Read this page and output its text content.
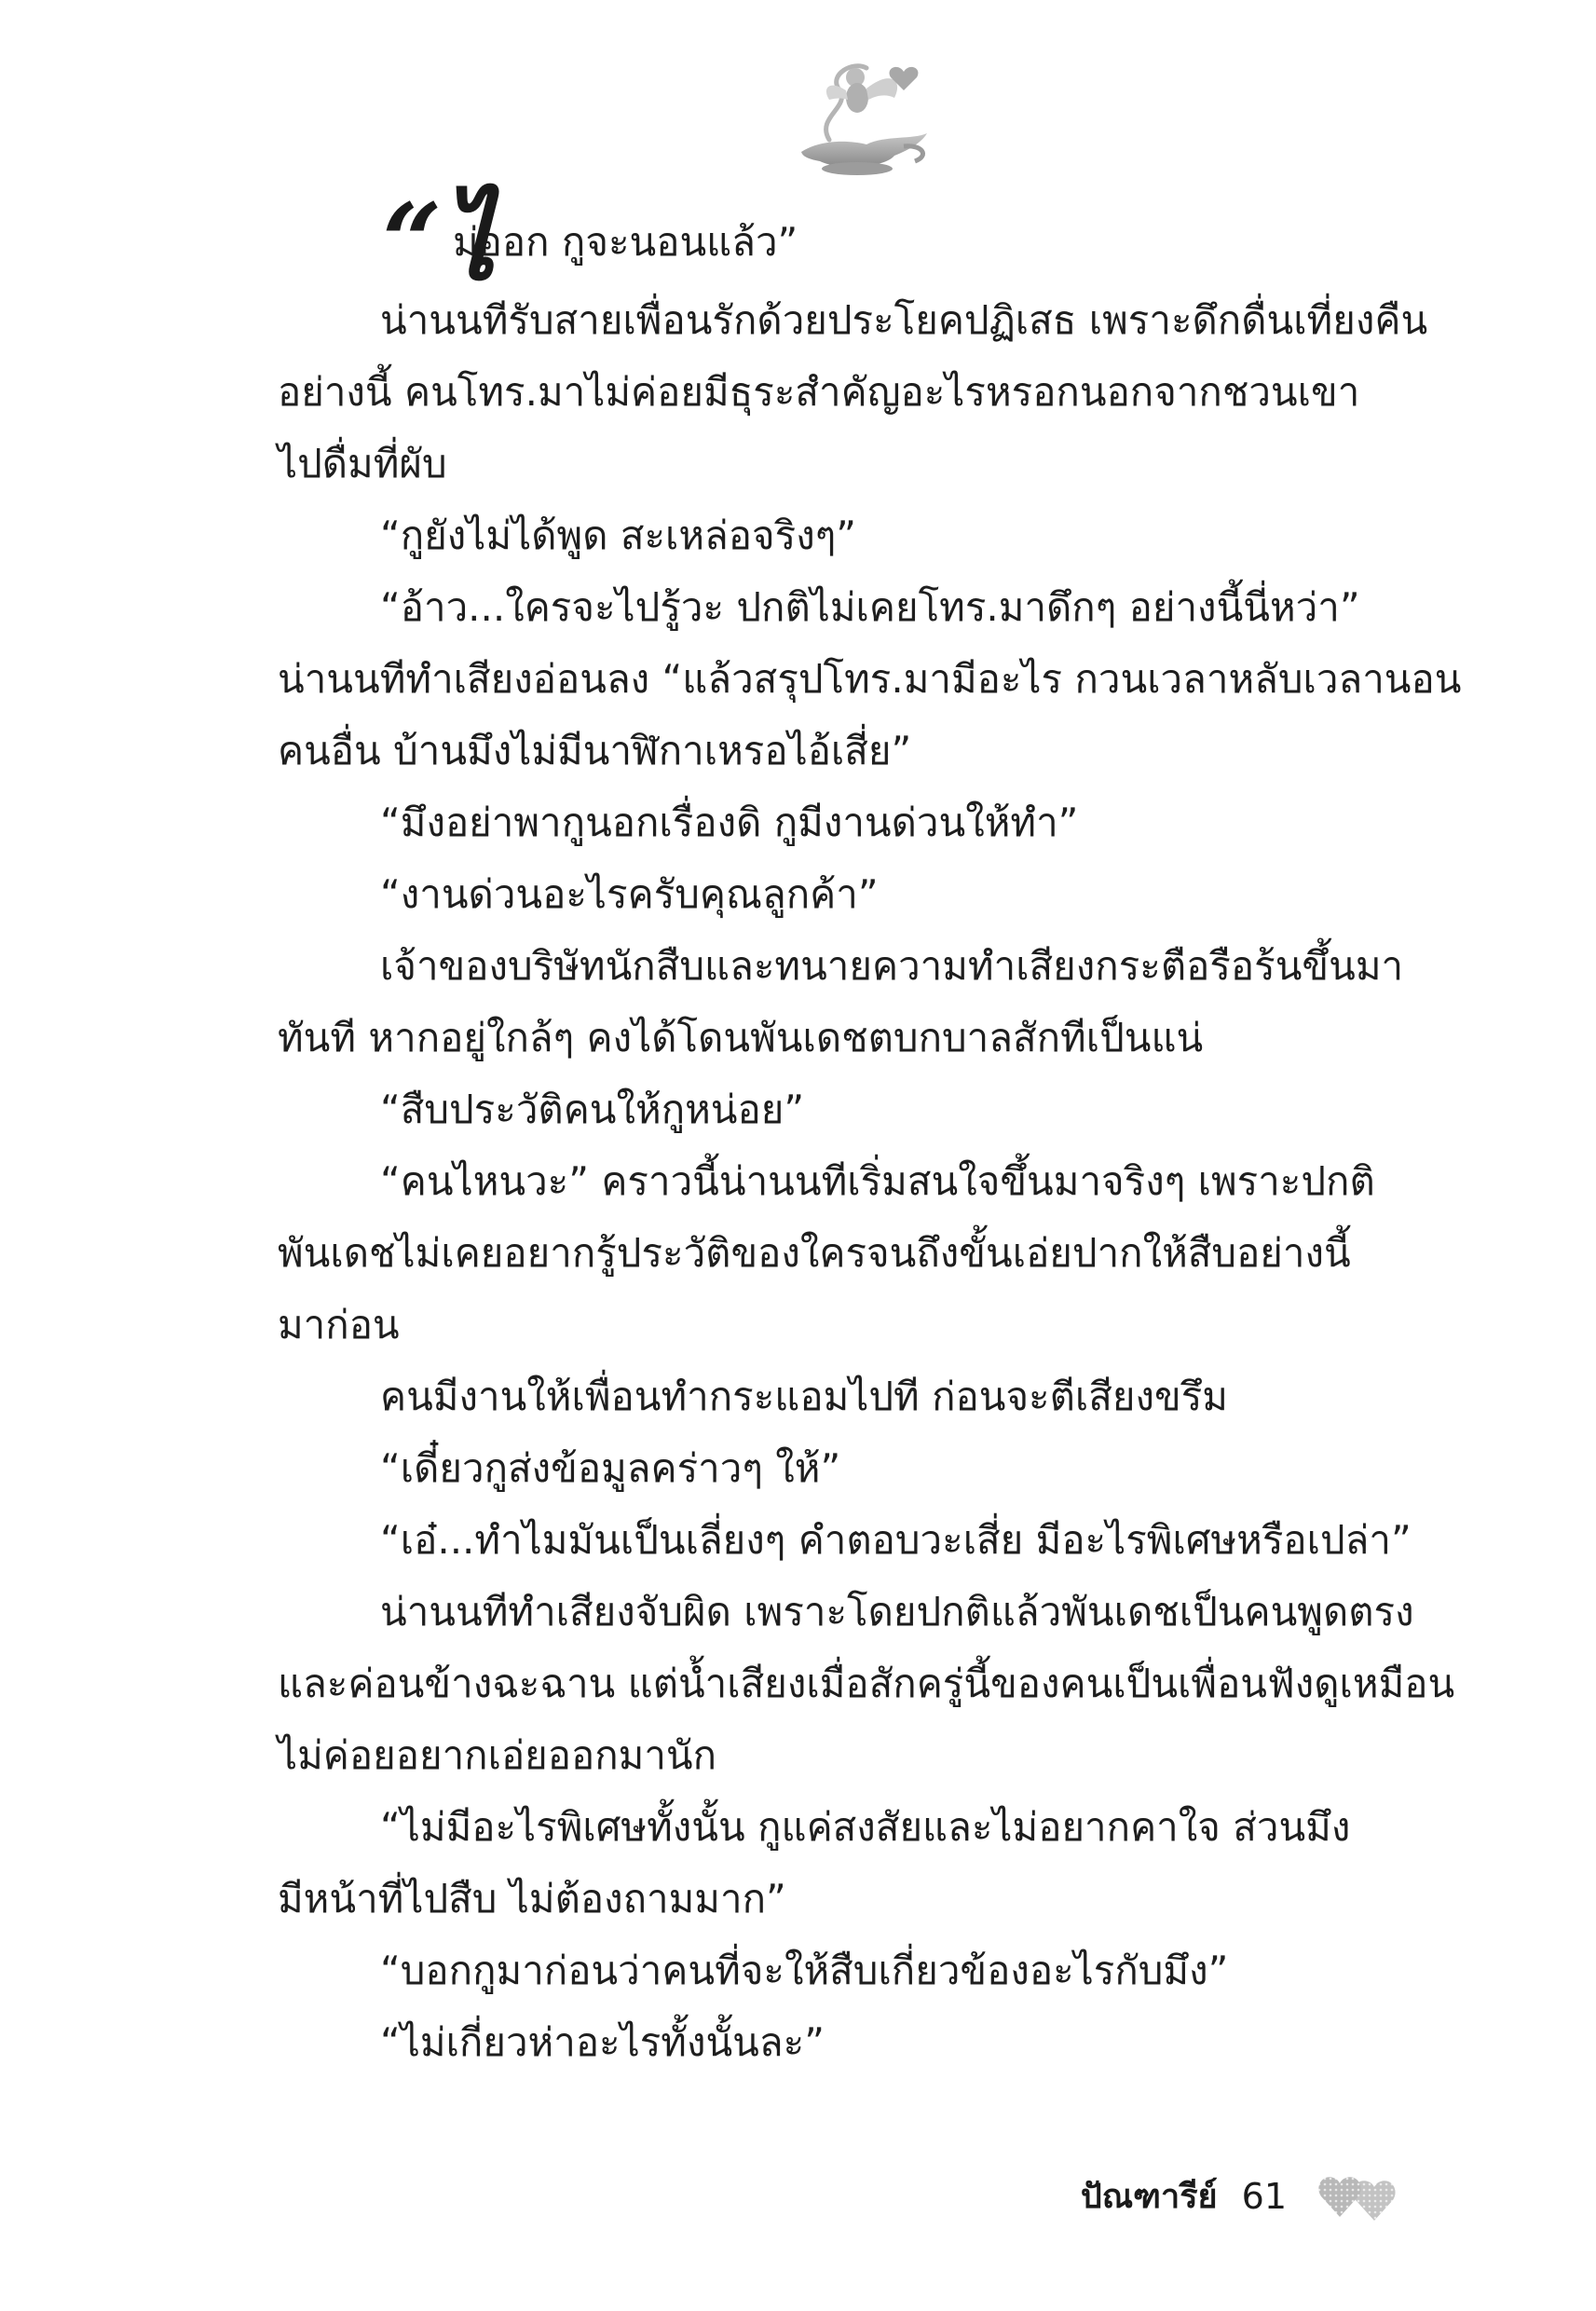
“ไ
ม่ออก กูจะนอนแล้ว”
น่านนทีรับสายเพื่อนรักด้วยประโยคปฏิเสธ เพราะดึกดื่นเที่ยงคืน
อย่างนี้ คนโทร.มาไม่ค่อยมีธุระสำคัญอะไรหรอกนอกจากชวนเขา
ไปดื่มที่ผับ
“กูยังไม่ได้พูด สะเหล่อจริงๆ”
“อ้าว...ใครจะไปรู้วะ ปกติไม่เคยโทร.มาดึกๆ อย่างนี้นี่หว่า”
น่านนทีทำเสียงอ่อนลง “แล้วสรุปโทร.มามีอะไร กวนเวลาหลับเวลานอน
คนอื่น บ้านมึงไม่มีนาฬิกาเหรอไอ้เสี่ย”
“มึงอย่าพากูนอกเรื่องดิ กูมีงานด่วนให้ทำ”
“งานด่วนอะไรครับคุณลูกค้า”
เจ้าของบริษัทนักสืบและทนายความทำเสียงกระตือรือร้นขึ้นมา
ทันที หากอยู่ใกล้ๆ คงได้โดนพันเดชตบกบาลสักทีเป็นแน่
“สืบประวัติคนให้กูหน่อย”
“คนไหนวะ” คราวนี้น่านนทีเริ่มสนใจขึ้นมาจริงๆ เพราะปกติ
พันเดชไม่เคยอยากรู้ประวัติของใครจนถึงขั้นเอ่ยปากให้สืบอย่างนี้
มาก่อน
คนมีงานให้เพื่อนทำกระแอมไปที ก่อนจะตีเสียงขรึม
“เดี๋ยวกูส่งข้อมูลคร่าวๆ ให้”
“เอ๋...ทำไมมันเป็นเลี่ยงๆ คำตอบวะเสี่ย มีอะไรพิเศษหรือเปล่า”
น่านนทีทำเสียงจับผิด เพราะโดยปกติแล้วพันเดชเป็นคนพูดตรง
และค่อนข้างฉะฉาน แต่น้ำเสียงเมื่อสักครู่นี้ของคนเป็นเพื่อนฟังดูเหมือน
ไม่ค่อยอยากเอ่ยออกมานัก
“ไม่มีอะไรพิเศษทั้งนั้น กูแค่สงสัยและไม่อยากคาใจ ส่วนมึง
มีหน้าที่ไปสืบ ไม่ต้องถามมาก”
“บอกกูมาก่อนว่าคนที่จะให้สืบเกี่ยวข้องอะไรกับมึง”
“ไม่เกี่ยวห่าอะไรทั้งนั้นละ”
ปัณฑารีย์ 61
